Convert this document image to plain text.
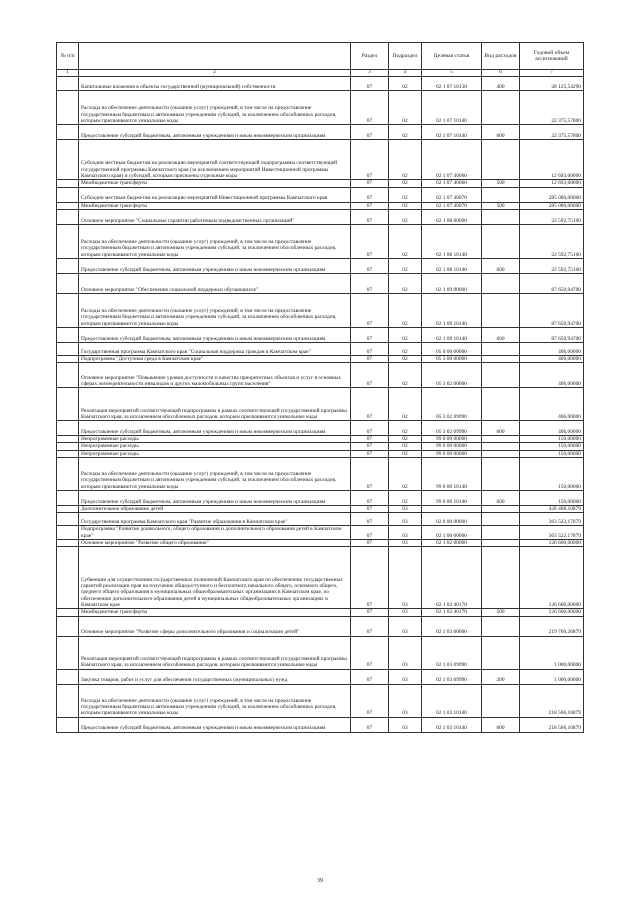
№ п/п		Раздел	Подраздел	Целевая статья	Вид расходов	Годовой объем ассигнований
1	2	3	4	5	6	7
	Капитальные вложения в объекты государственной (муниципальной) собственности	07	02	02 1 07 10130	400	28 125,54290
	Расходы на обеспечение деятельности (оказание услуг) учреждений, в том числе на предоставление государственным бюджетным и автономным учреждениям субсидий, за исключением обособленных расходов, которым присваиваются уникальные коды	07	02	02 1 07 10140		22 375,57800
	Предоставление субсидий бюджетным, автономным учреждениям и иным некоммерческим организациям	07	02	02 1 07 10140	600	22 375,57800
	Субсидии местным бюджетам на реализацию мероприятий соответствующей подпрограммы соответствующей государственной программы Камчатского края (за исключением мероприятий Инвестиционной программы Камчатского края) и субсидий, которым присвоены отдельные коды	07	02	02 1 07 40060		12 693,60000
	Межбюджетные трансферты	07	02	02 1 07 40060	500	12 693,60000
	Субсидии местным бюджетам на реализацию мероприятий Инвестиционной программы Камчатского края	07	02	02 1 07 40070		285 000,00000
	Межбюджетные трансферты	07	02	02 1 07 40070	500	285 000,00000
	Основное мероприятие "Социальные гарантии работникам подведомственных организаций"	07	02	02 1 08 00000		22 592,75100
	Расходы на обеспечение деятельности (оказание услуг) учреждений, в том числе на предоставление государственным бюджетным и автономным учреждениям субсидий, за исключением обособленных расходов, которым присваиваются уникальные коды	07	02	02 1 08 10140		22 592,75100
	Предоставление субсидий бюджетным, автономным учреждениям и иным некоммерческим организациям	07	02	02 1 08 10140	600	22 592,75100
	Основное мероприятие "Обеспечение социальной поддержки обучающихся"	07	02	02 1 09 00000		87 650,94700
	Расходы на обеспечение деятельности (оказание услуг) учреждений, в том числе на предоставление государственным бюджетным и автономным учреждениям субсидий, за исключением обособленных расходов, которым присваиваются уникальные коды	07	02	02 1 09 10140		87 650,94700
	Предоставление субсидий бюджетным, автономным учреждениям и иным некоммерческим организациям	07	02	02 1 09 10140	600	87 650,94700
	Государственная программа Камчатского края "Социальная поддержка граждан в Камчатском крае"	07	02	05 0 00 00000		406,00000
	Подпрограмма "Доступная среда в Камчатском крае"	07	02	05 3 00 00000		406,00000
	Основное мероприятие "Повышение уровня доступности и качества приоритетных объектов и услуг в основных сферах жизнедеятельности инвалидов и других маломобильных групп населения"	07	02	05 3 02 00000		406,00000
	Реализация мероприятий соответствующей подпрограммы в рамках соответствующей государственной программы Камчатского края, за исключением обособленных расходов, которым присваиваются уникальные коды	07	02	05 3 02 09990		406,00000
	Предоставление субсидий бюджетным, автономным учреждениям и иным некоммерческим организациям	07	02	05 3 02 09990	600	406,00000
	Непрограммные расходы	07	02	99 0 00 00000		150,00000
	Непрограммные расходы	07	02	99 0 00 00000		150,00000
	Непрограммные расходы	07	02	99 0 00 00000		150,00000
	Расходы на обеспечение деятельности (оказание услуг) учреждений, в том числе на предоставление государственным бюджетным и автономным учреждениям субсидий, за исключением обособленных расходов, которым присваиваются уникальные коды	07	02	99 0 00 10140		150,00000
	Предоставление субсидий бюджетным, автономным учреждениям и иным некоммерческим организациям	07	02	99 0 00 10140	600	150,00000
	Дополнительное образование детей	07	03			428 408,10879
	Государственная программа Камчатского края "Развитие образования в Камчатском крае"	07	03	02 0 00 00000		363 522,17879
	Подпрограмма "Развитие дошкольного, общего образования и дополнительного образования детей в Камчатском крае"	07	03	02 1 00 00000		363 522,17879
	Основное мероприятие "Развитие общего образования"	07	03	02 1 02 00000		126 600,00000
	Субвенции для осуществления государственных полномочий Камчатского края по обеспечению государственных гарантий реализации прав на получение общедоступного и бесплатного начального общего, основного общего, среднего общего образования в муниципальных общеобразовательных организациях в Камчатском крае, по обеспечению дополнительного образования детей в муниципальных общеобразовательных организациях в Камчатском крае	07	03	02 1 02 40170		126 600,00000
	Межбюджетные трансферты	07	03	02 1 02 40170	500	126 600,00000
	Основное мероприятие "Развитие сферы дополнительного образования и социализации детей"	07	03	02 1 03 00000		219 760,26879
	Реализация мероприятий соответствующей подпрограммы в рамках соответствующей государственной программы Камчатского края, за исключением обособленных расходов, которым присваиваются уникальные коды	07	03	02 1 03 09990		1 000,00000
	Закупка товаров, работ и услуг для обеспечения государственных (муниципальных) нужд	07	03	02 1 03 09990	200	1 000,00000
	Расходы на обеспечение деятельности (оказание услуг) учреждений, в том числе на предоставление государственным бюджетным и автономным учреждениям субсидий, за исключением обособленных расходов, которым присваиваются уникальные коды	07	03	02 1 03 10140		218 566,16879
	Предоставление субсидий бюджетным, автономным учреждениям и иным некоммерческим организациям	07	03	02 1 03 10140	600	218 566,16879
39
